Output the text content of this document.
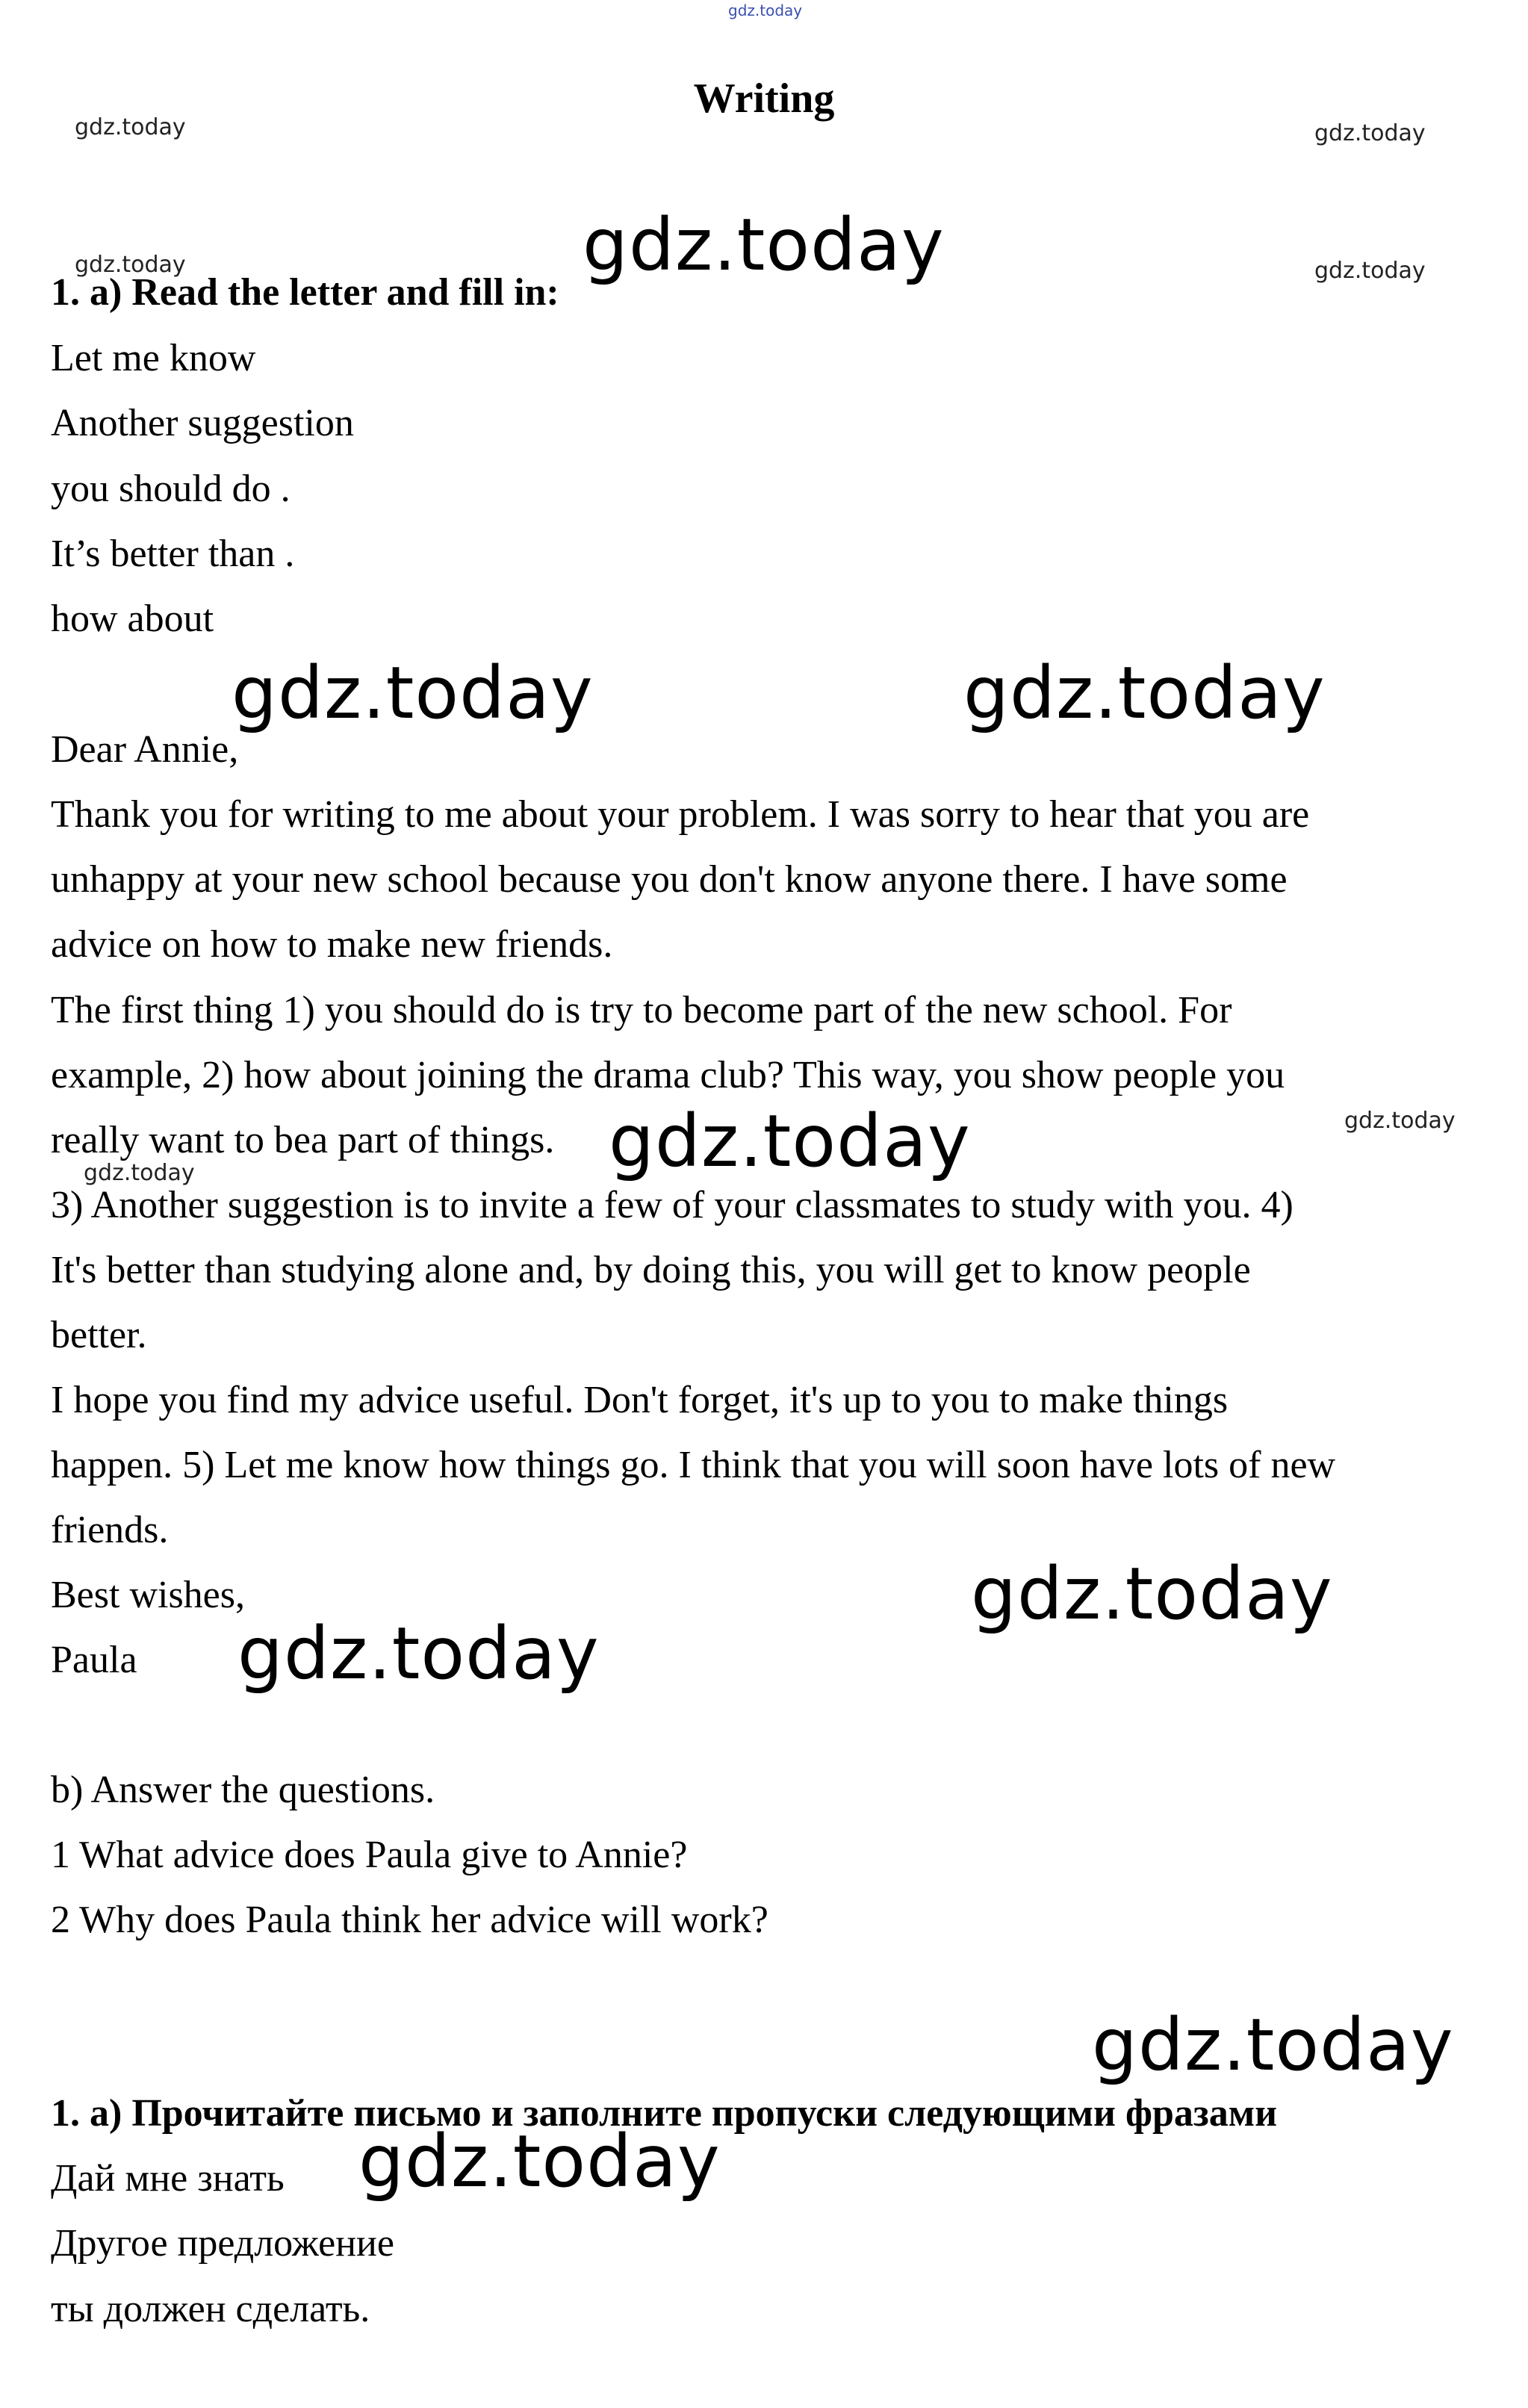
gdz.today
Writing
1. a) Read the letter and fill in:
Let me know
Another suggestion
you should do .
It’s better than .
how about
Dear Annie,
Thank you for writing to me about your problem. I was sorry to hear that you are
unhappy at your new school because you don't know anyone there. I have some
advice on how to make new friends.
The first thing 1) you should do is try to become part of the new school. For
example, 2) how about joining the drama club? This way, you show people you
really want to bea part of things.
3) Another suggestion is to invite a few of your classmates to study with you. 4)
It's better than studying alone and, by doing this, you will get to know people
better.
I hope you find my advice useful. Don't forget, it's up to you to make things
happen. 5) Let me know how things go. I think that you will soon have lots of new
friends.
Best wishes,
Paula
b) Answer the questions.
1 What advice does Paula give to Annie?
2 Why does Paula think her advice will work?
1. a) Прочитайте письмо и заполните пропуски следующими фразами
Дай мне знать
Другое предложение
ты должен сделать.
gdz.today	gdz.today
gdz.today	gdz.today
gdz.today
gdz.today
gdz.today
gdz.today	gdz.today
gdz.today
gdz.today
gdz.today
gdz.today
gdz.today
